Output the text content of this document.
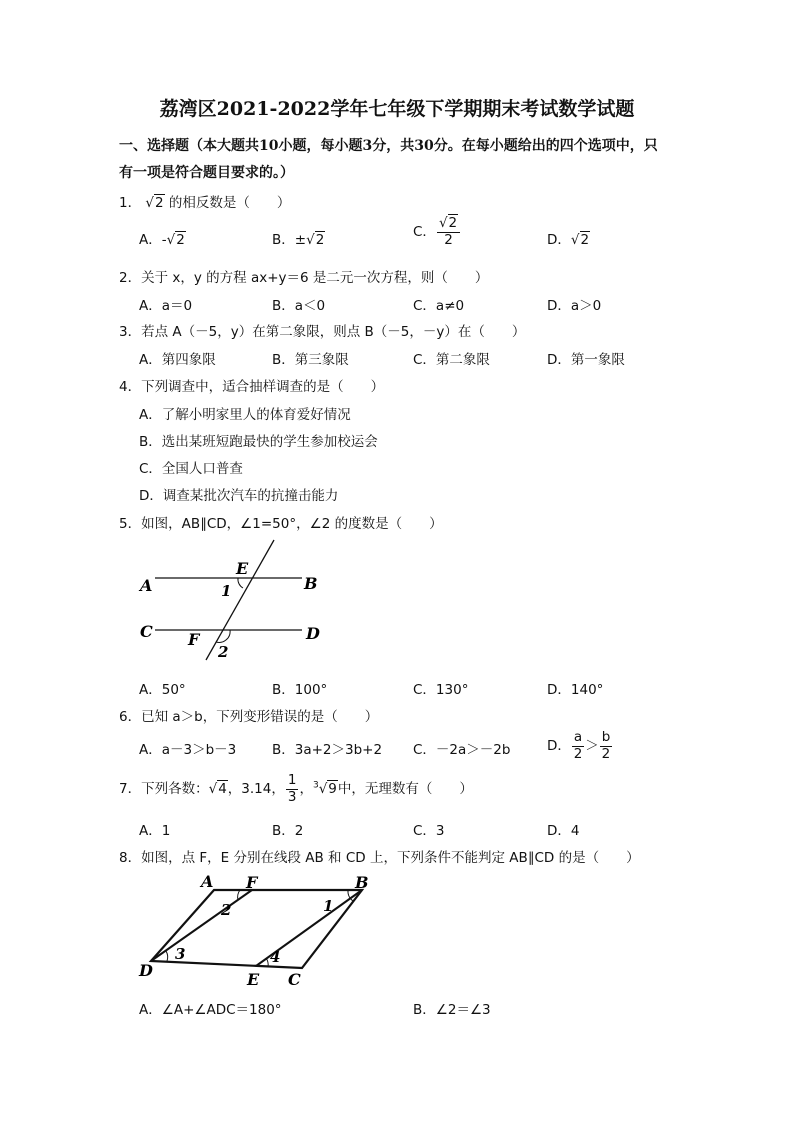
荔湾区2021-2022学年七年级下学期期末考试数学试题
一、选择题（本大题共10小题，每小题3分，共30分。在每小题给出的四个选项中，只
有一项是符合题目要求的。）
1． √2 的相反数是（　　）
A．-√2	B．±√2	C． $\frac{√2}{2}$	D．√2
2．关于 x，y 的方程 ax+y＝6 是二元一次方程，则（　　）
A．a＝0	B．a＜0	C．a≠0	D．a＞0
3．若点 A（－5，y）在第二象限，则点 B（－5，－y）在（　　）
A．第四象限	B．第三象限	C．第二象限	D．第一象限
4．下列调查中，适合抽样调查的是（　　）
A．了解小明家里人的体育爱好情况
B．选出某班短跑最快的学生参加校运会
C．全国人口普查
D．调查某批次汽车的抗撞击能力
5．如图，AB∥CD，∠1=50°，∠2 的度数是（　　）
A	B
C	D
E
F
1
2
A．50°	B．100°	C．130°	D．140°
6．已知 a＞b，下列变形错误的是（　　）
A．a－3＞b－3	B．3a+2＞3b+2 C．－2a＞－2b	D． $\frac{a}{2} > \frac{b}{2}$
7．下列各数：√4，3.14， $\frac{1}{3}$ ，$^3$√9中，无理数有（　　）
A．1	B．2	C．3	D．4
8．如图，点 F，E 分别在线段 AB 和 CD 上，下列条件不能判定 AB∥CD 的是（　　）
A F	B
D	E C
1
2
3	4
A．∠A+∠ADC＝180°	B．∠2＝∠3
